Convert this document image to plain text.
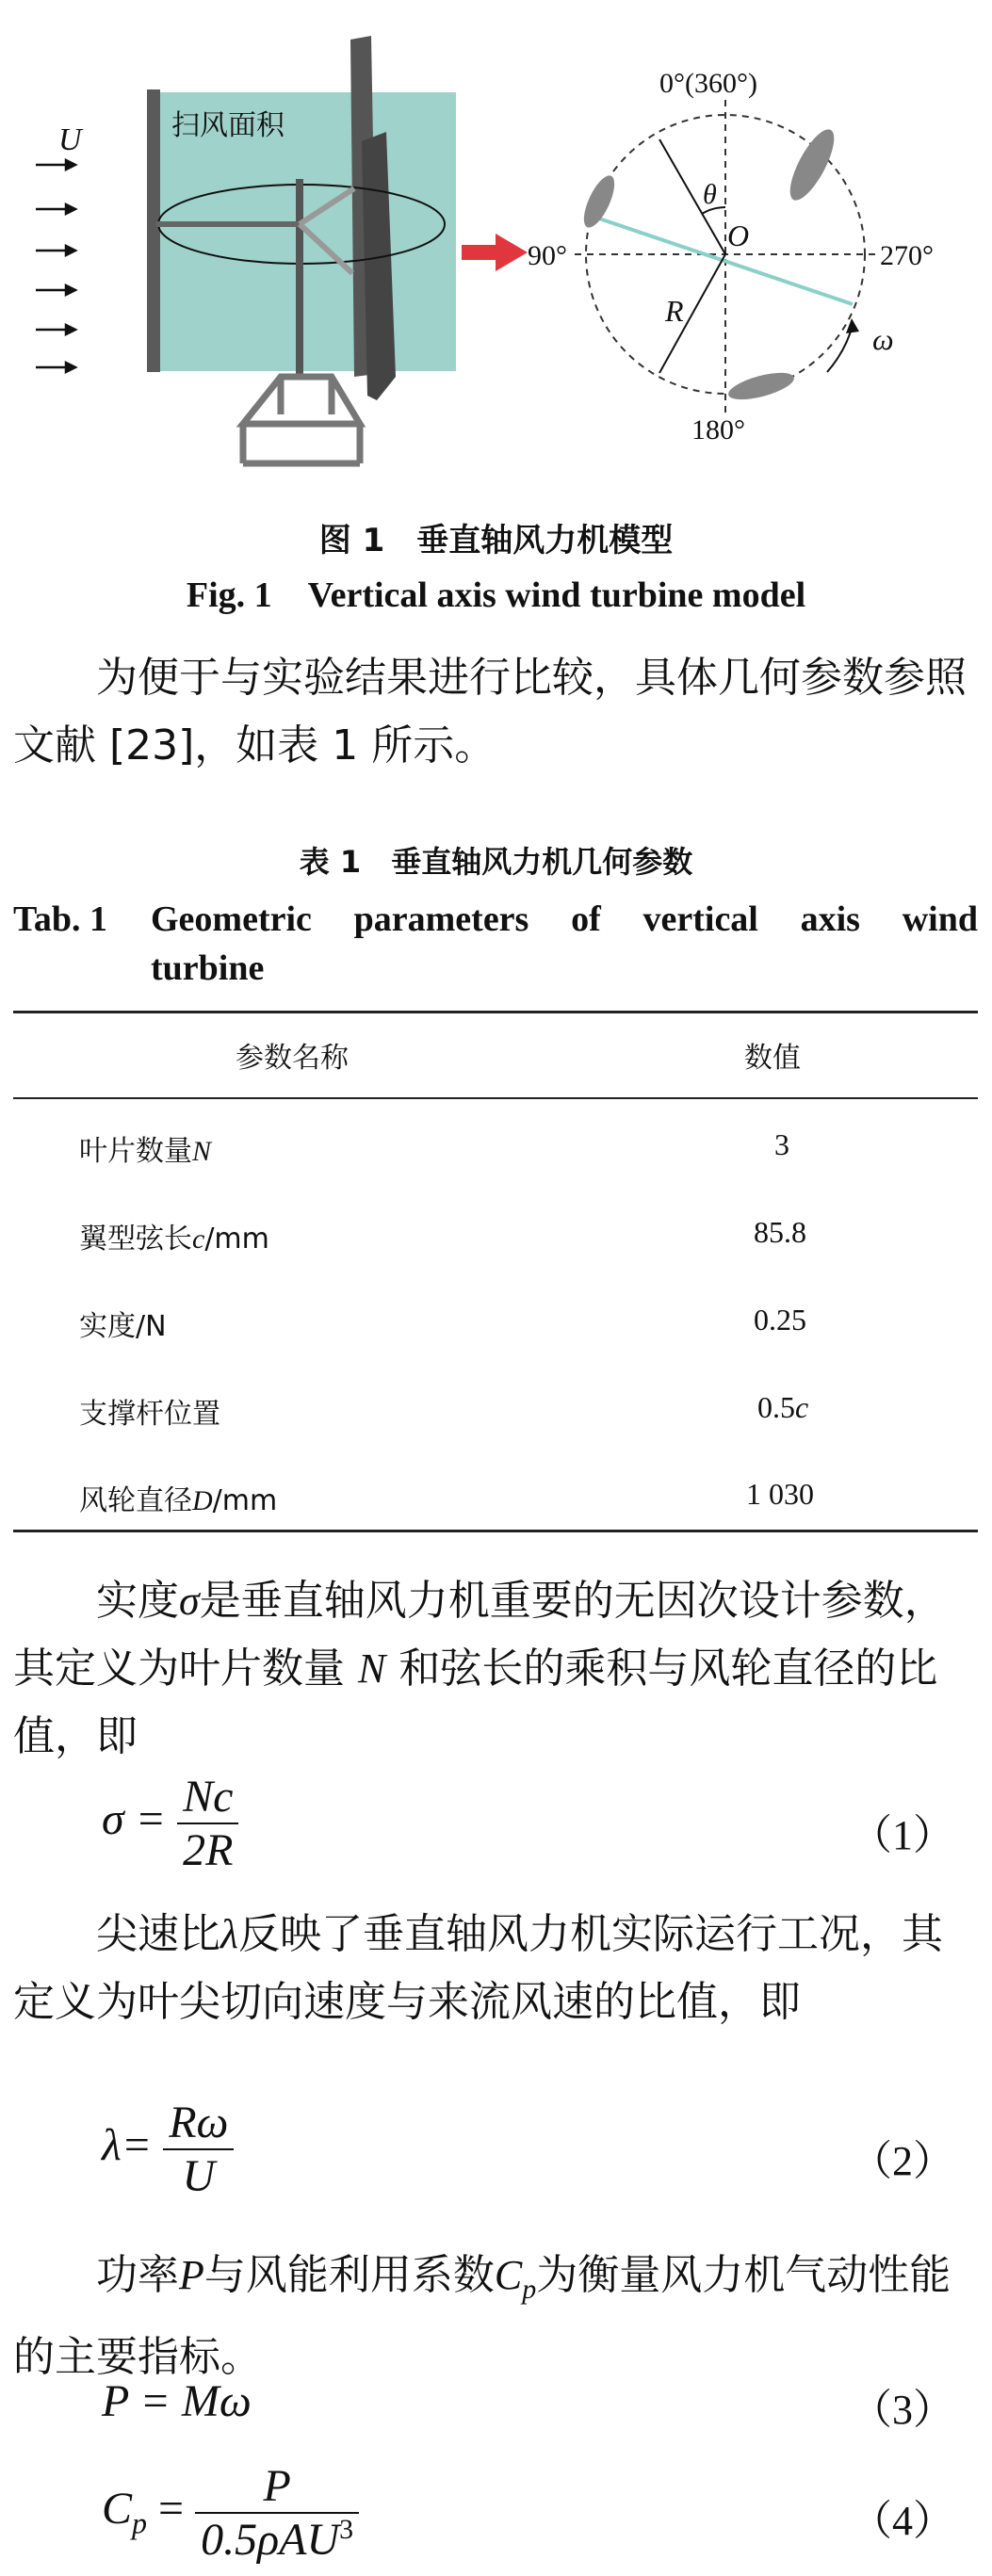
扫风面积
U
0°(360°)
90°	270°
180°
θ
O
R
ω
图 1　垂直轴风力机模型
Fig. 1　Vertical axis wind turbine model

为便于与实验结果进行比较，具体几何参数参照文献 [23]，如表 1 所示。

表 1　垂直轴风力机几何参数
Tab. 1	Geometric parameters of vertical axis wind
turbine
参数名称	数值
叶片数量N	3
翼型弦长c/mm	85.8
实度/N	0.25
支撑杆位置	0.5c
风轮直径D/mm	1 030

实度σ是垂直轴风力机重要的无因次设计参数，其定义为叶片数量 N 和弦长的乘积与风轮直径的比值，即

$\sigma = \frac{Nc}{2R}$	（1）

尖速比λ反映了垂直轴风力机实际运行工况，其定义为叶尖切向速度与来流风速的比值，即

$\lambda= \frac{R\omega}{U}$	（2）

功率P与风能利用系数$C_p$为衡量风力机气动性能的主要指标。

P = Mω	（3）
$C_p = \frac{P}{0.5\rho AU^3}$	（4）
